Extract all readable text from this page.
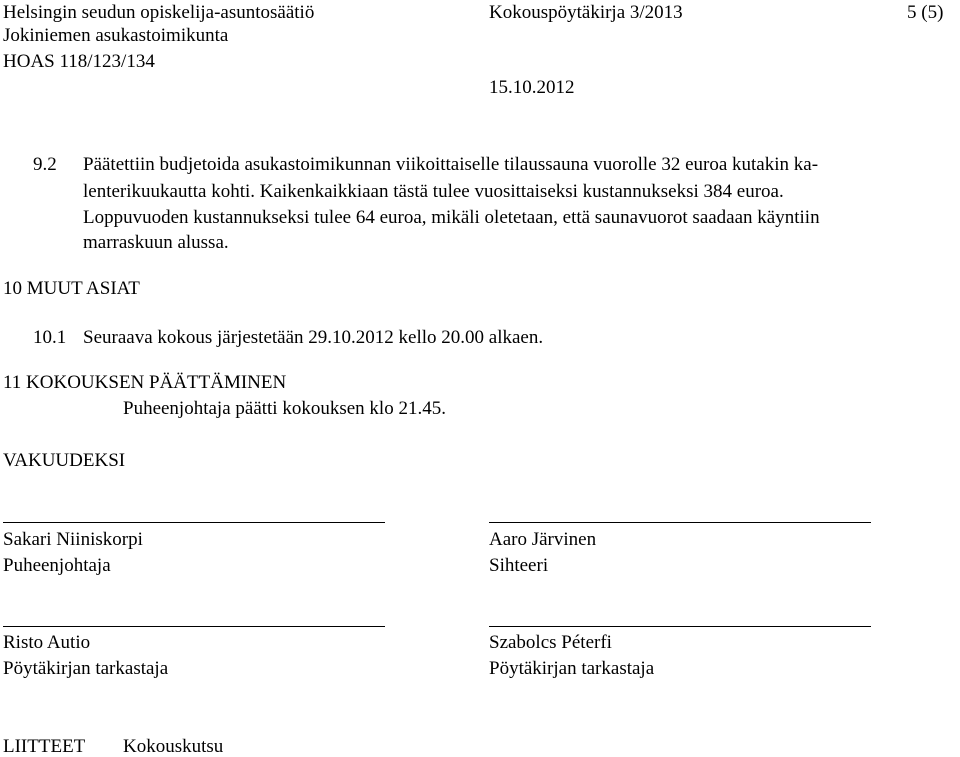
Helsingin seudun opiskelija-asuntosäätiö
Jokiniemen asukastoimikunta
HOAS 118/123/134
Kokouspöytäkirja 3/2013
15.10.2012
5 (5)
9.2 Päätettiin budjetoida asukastoimikunnan viikoittaiselle tilaussauna vuorolle 32 euroa kutakin ka-
lenterikuukautta kohti. Kaikenkaikkiaan tästä tulee vuosittaiseksi kustannukseksi 384 euroa.
Loppuvuoden kustannukseksi tulee 64 euroa, mikäli oletetaan, että saunavuorot saadaan käyntiin
marraskuun alussa.
10 MUUT ASIAT
10.1 Seuraava kokous järjestetään 29.10.2012 kello 20.00 alkaen.
11 KOKOUKSEN PÄÄTTÄMINEN
Puheenjohtaja päätti kokouksen klo 21.45.
VAKUUDEKSI
Sakari Niiniskorpi
Puheenjohtaja
Aaro Järvinen
Sihteeri
Risto Autio
Pöytäkirjan tarkastaja
Szabolcs Péterfi
Pöytäkirjan tarkastaja
LIITTEET Kokouskutsu
